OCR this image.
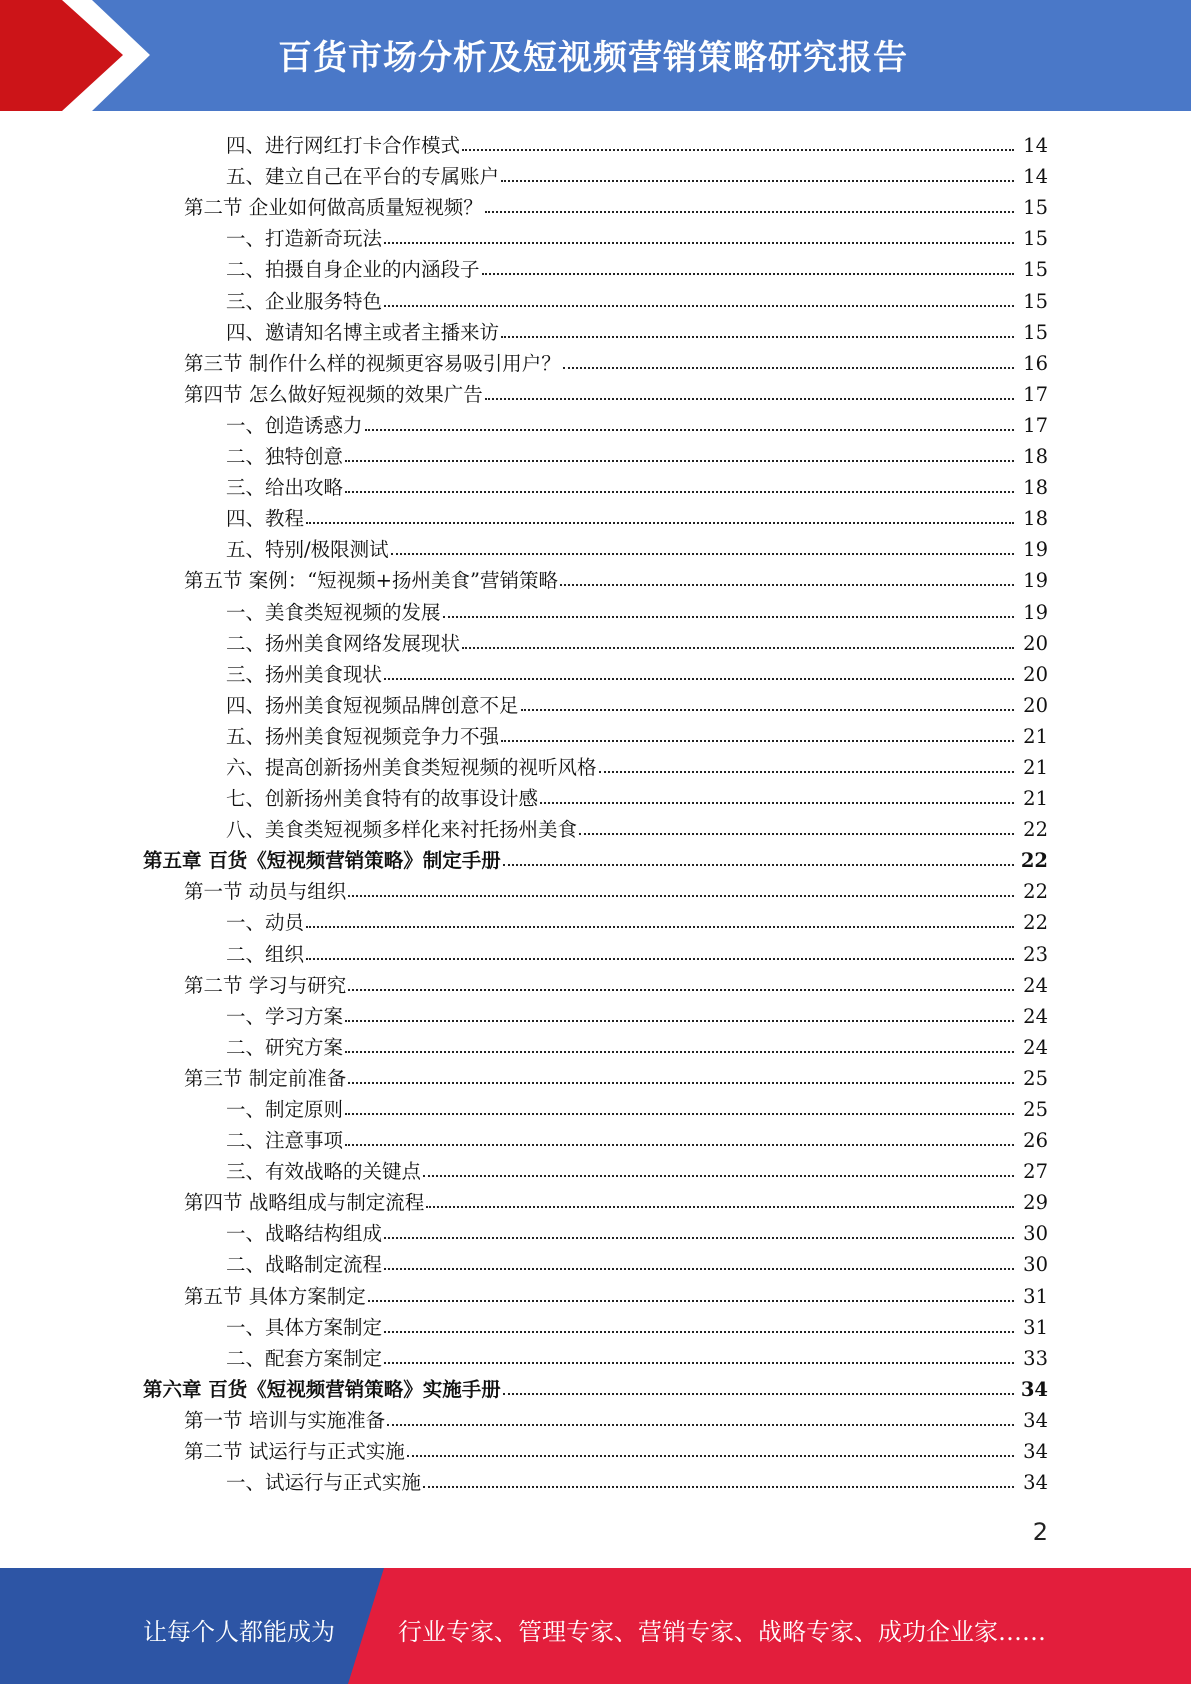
百货市场分析及短视频营销策略研究报告
四、进行网红打卡合作模式	14
五、建立自己在平台的专属账户	14
第二节 企业如何做高质量短视频？	15
一、打造新奇玩法	15
二、拍摄自身企业的内涵段子	15
三、企业服务特色	15
四、邀请知名博主或者主播来访	15
第三节 制作什么样的视频更容易吸引用户？	16
第四节 怎么做好短视频的效果广告	17
一、创造诱惑力	17
二、独特创意	18
三、给出攻略	18
四、教程	18
五、特别/极限测试	19
第五节 案例：“短视频+扬州美食”营销策略	19
一、美食类短视频的发展	19
二、扬州美食网络发展现状	20
三、扬州美食现状	20
四、扬州美食短视频品牌创意不足	20
五、扬州美食短视频竞争力不强	21
六、提高创新扬州美食类短视频的视听风格	21
七、创新扬州美食特有的故事设计感	21
八、美食类短视频多样化来衬托扬州美食	22
第五章 百货《短视频营销策略》制定手册	22
第一节 动员与组织	22
一、动员	22
二、组织	23
第二节 学习与研究	24
一、学习方案	24
二、研究方案	24
第三节 制定前准备	25
一、制定原则	25
二、注意事项	26
三、有效战略的关键点	27
第四节 战略组成与制定流程	29
一、战略结构组成	30
二、战略制定流程	30
第五节 具体方案制定	31
一、具体方案制定	31
二、配套方案制定	33
第六章 百货《短视频营销策略》实施手册	34
第一节 培训与实施准备	34
第二节 试运行与正式实施	34
一、试运行与正式实施	34
2
让每个人都能成为	行业专家、管理专家、营销专家、战略专家、成功企业家……
